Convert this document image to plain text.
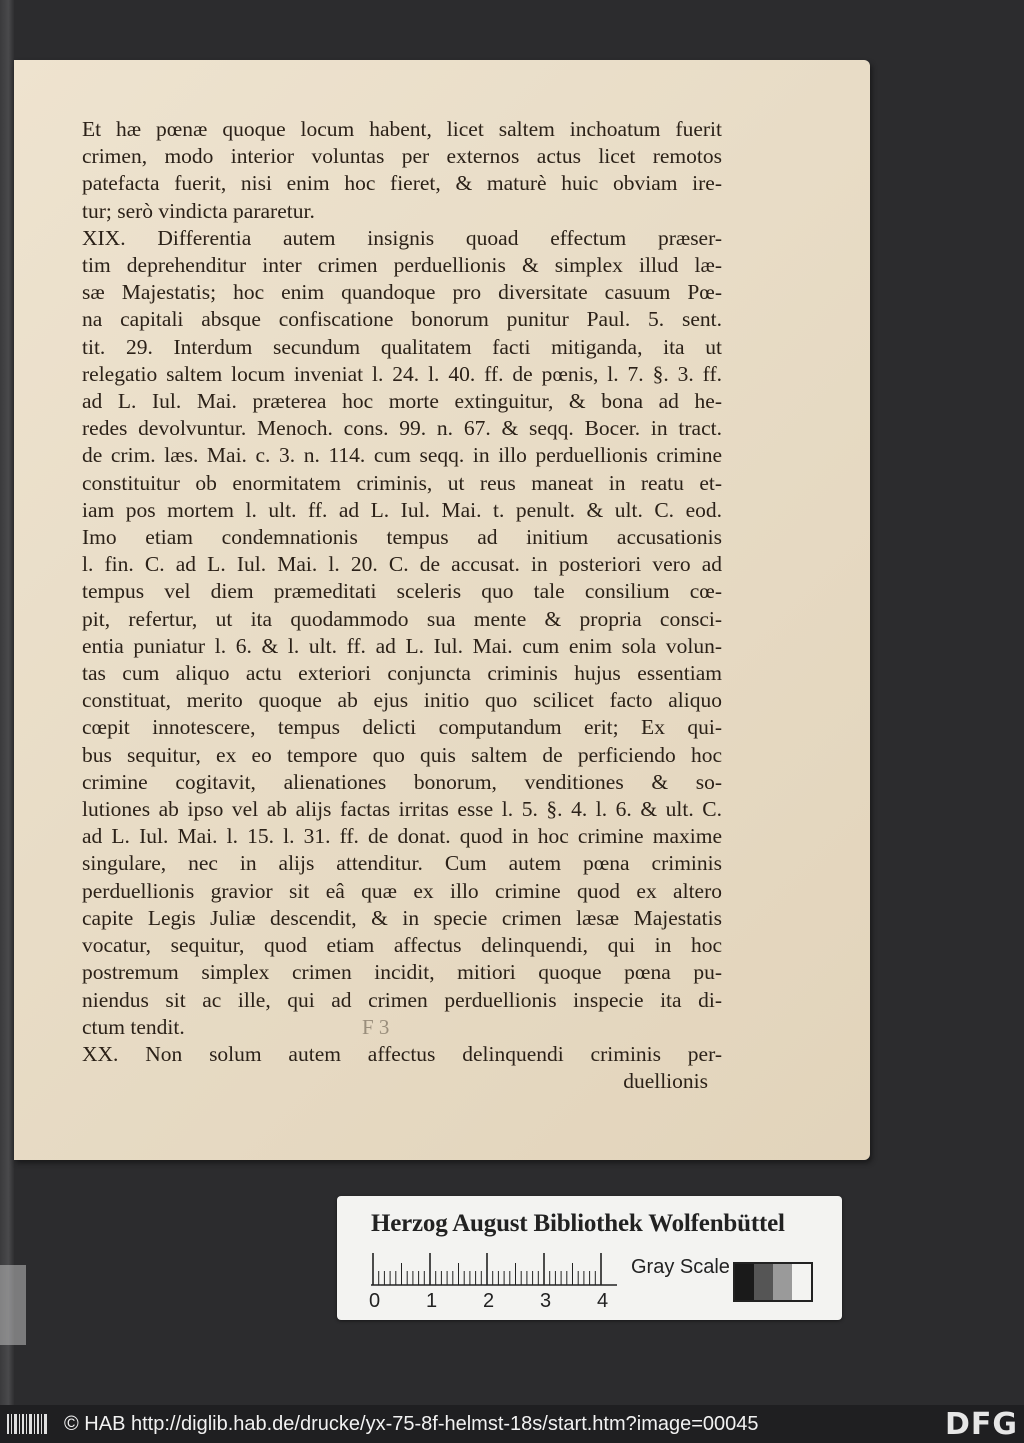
Et hæ pœnæ quoque locum habent, licet saltem inchoatum fuerit
crimen, modo interior voluntas per externos actus licet remotos
patefacta fuerit, nisi enim hoc fieret, & maturè huic obviam ire-
tur; serò vindicta pararetur.
XIX. Differentia autem insignis quoad effectum præser-
tim deprehenditur inter crimen perduellionis & simplex illud læ-
sæ Majestatis; hoc enim quandoque pro diversitate casuum Pœ-
na capitali absque confiscatione bonorum punitur Paul. 5. sent.
tit. 29. Interdum secundum qualitatem facti mitiganda, ita ut
relegatio saltem locum inveniat l. 24. l. 40. ff. de pœnis, l. 7. §. 3. ff.
ad L. Iul. Mai. præterea hoc morte extinguitur, & bona ad he-
redes devolvuntur. Menoch. cons. 99. n. 67. & seqq. Bocer. in tract.
de crim. læs. Mai. c. 3. n. 114. cum seqq. in illo perduellionis crimine
constituitur ob enormitatem criminis, ut reus maneat in reatu et-
iam pos mortem l. ult. ff. ad L. Iul. Mai. t. penult. & ult. C. eod.
Imo etiam condemnationis tempus ad initium accusationis
l. fin. C. ad L. Iul. Mai. l. 20. C. de accusat. in posteriori vero ad
tempus vel diem præmeditati sceleris quo tale consilium cœ-
pit, refertur, ut ita quodammodo sua mente & propria consci-
entia puniatur l. 6. & l. ult. ff. ad L. Iul. Mai. cum enim sola volun-
tas cum aliquo actu exteriori conjuncta criminis hujus essentiam
constituat, merito quoque ab ejus initio quo scilicet facto aliquo
cœpit innotescere, tempus delicti computandum erit; Ex qui-
bus sequitur, ex eo tempore quo quis saltem de perficiendo hoc
crimine cogitavit, alienationes bonorum, venditiones & so-
lutiones ab ipso vel ab alijs factas irritas esse l. 5. §. 4. l. 6. & ult. C.
ad L. Iul. Mai. l. 15. l. 31. ff. de donat. quod in hoc crimine maxime
singulare, nec in alijs attenditur. Cum autem pœna criminis
perduellionis gravior sit eâ quæ ex illo crimine quod ex altero
capite Legis Juliæ descendit, & in specie crimen læsæ Majestatis
vocatur, sequitur, quod etiam affectus delinquendi, qui in hoc
postremum simplex crimen incidit, mitiori quoque pœna pu-
niendus sit ac ille, qui ad crimen perduellionis inspecie ita di-
ctum tendit.
XX. Non solum autem affectus delinquendi criminis per-
duellionis
F 3
Herzog August Bibliothek Wolfenbüttel
0 1 2 3 4
Gray Scale
© HAB http://diglib.hab.de/drucke/yx-75-8f-helmst-18s/start.htm?image=00045	DFG
